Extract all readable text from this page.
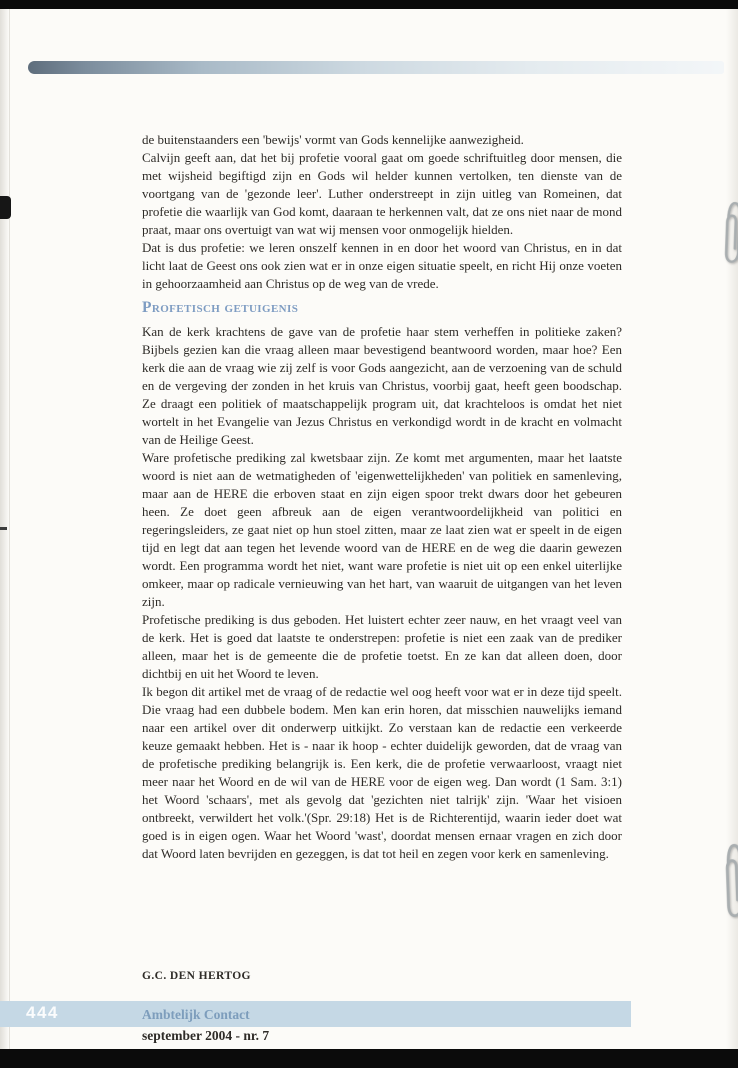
de buitenstaanders een 'bewijs' vormt van Gods kennelijke aanwezigheid.

Calvijn geeft aan, dat het bij profetie vooral gaat om goede schriftuitleg door mensen, die met wijsheid begiftigd zijn en Gods wil helder kunnen vertolken, ten dienste van de voortgang van de 'gezonde leer'. Luther onderstreept in zijn uitleg van Romeinen, dat profetie die waarlijk van God komt, daaraan te herkennen valt, dat ze ons niet naar de mond praat, maar ons overtuigt van wat wij mensen voor onmogelijk hielden.

Dat is dus profetie: we leren onszelf kennen in en door het woord van Christus, en in dat licht laat de Geest ons ook zien wat er in onze eigen situatie speelt, en richt Hij onze voeten in gehoorzaamheid aan Christus op de weg van de vrede.

Profetisch getuigenis

Kan de kerk krachtens de gave van de profetie haar stem verheffen in politieke zaken? Bijbels gezien kan die vraag alleen maar bevestigend beantwoord worden, maar hoe? Een kerk die aan de vraag wie zij zelf is voor Gods aangezicht, aan de verzoening van de schuld en de vergeving der zonden in het kruis van Christus, voorbij gaat, heeft geen boodschap. Ze draagt een politiek of maatschappelijk program uit, dat krachteloos is omdat het niet wortelt in het Evangelie van Jezus Christus en verkondigd wordt in de kracht en volmacht van de Heilige Geest.

Ware profetische prediking zal kwetsbaar zijn. Ze komt met argumenten, maar het laatste woord is niet aan de wetmatigheden of 'eigenwettelijkheden' van politiek en samenleving, maar aan de HERE die erboven staat en zijn eigen spoor trekt dwars door het gebeuren heen. Ze doet geen afbreuk aan de eigen verantwoordelijkheid van politici en regeringsleiders, ze gaat niet op hun stoel zitten, maar ze laat zien wat er speelt in de eigen tijd en legt dat aan tegen het levende woord van de HERE en de weg die daarin gewezen wordt. Een programma wordt het niet, want ware profetie is niet uit op een enkel uiterlijke omkeer, maar op radicale vernieuwing van het hart, van waaruit de uitgangen van het leven zijn.

Profetische prediking is dus geboden. Het luistert echter zeer nauw, en het vraagt veel van de kerk. Het is goed dat laatste te onderstrepen: profetie is niet een zaak van de prediker alleen, maar het is de gemeente die de profetie toetst. En ze kan dat alleen doen, door dichtbij en uit het Woord te leven.

Ik begon dit artikel met de vraag of de redactie wel oog heeft voor wat er in deze tijd speelt. Die vraag had een dubbele bodem. Men kan erin horen, dat misschien nauwelijks iemand naar een artikel over dit onderwerp uitkijkt. Zo verstaan kan de redactie een verkeerde keuze gemaakt hebben. Het is - naar ik hoop - echter duidelijk geworden, dat de vraag van de profetische prediking belangrijk is. Een kerk, die de profetie verwaarloost, vraagt niet meer naar het Woord en de wil van de HERE voor de eigen weg. Dan wordt (1 Sam. 3:1) het Woord 'schaars', met als gevolg dat 'gezichten niet talrijk' zijn. 'Waar het visioen ontbreekt, verwildert het volk.'(Spr. 29:18) Het is de Richterentijd, waarin ieder doet wat goed is in eigen ogen. Waar het Woord 'wast', doordat mensen ernaar vragen en zich door dat Woord laten bevrijden en gezeggen, is dat tot heil en zegen voor kerk en samenleving.

G.C. DEN HERTOG
444	Ambtelijk Contact
september 2004 - nr. 7
